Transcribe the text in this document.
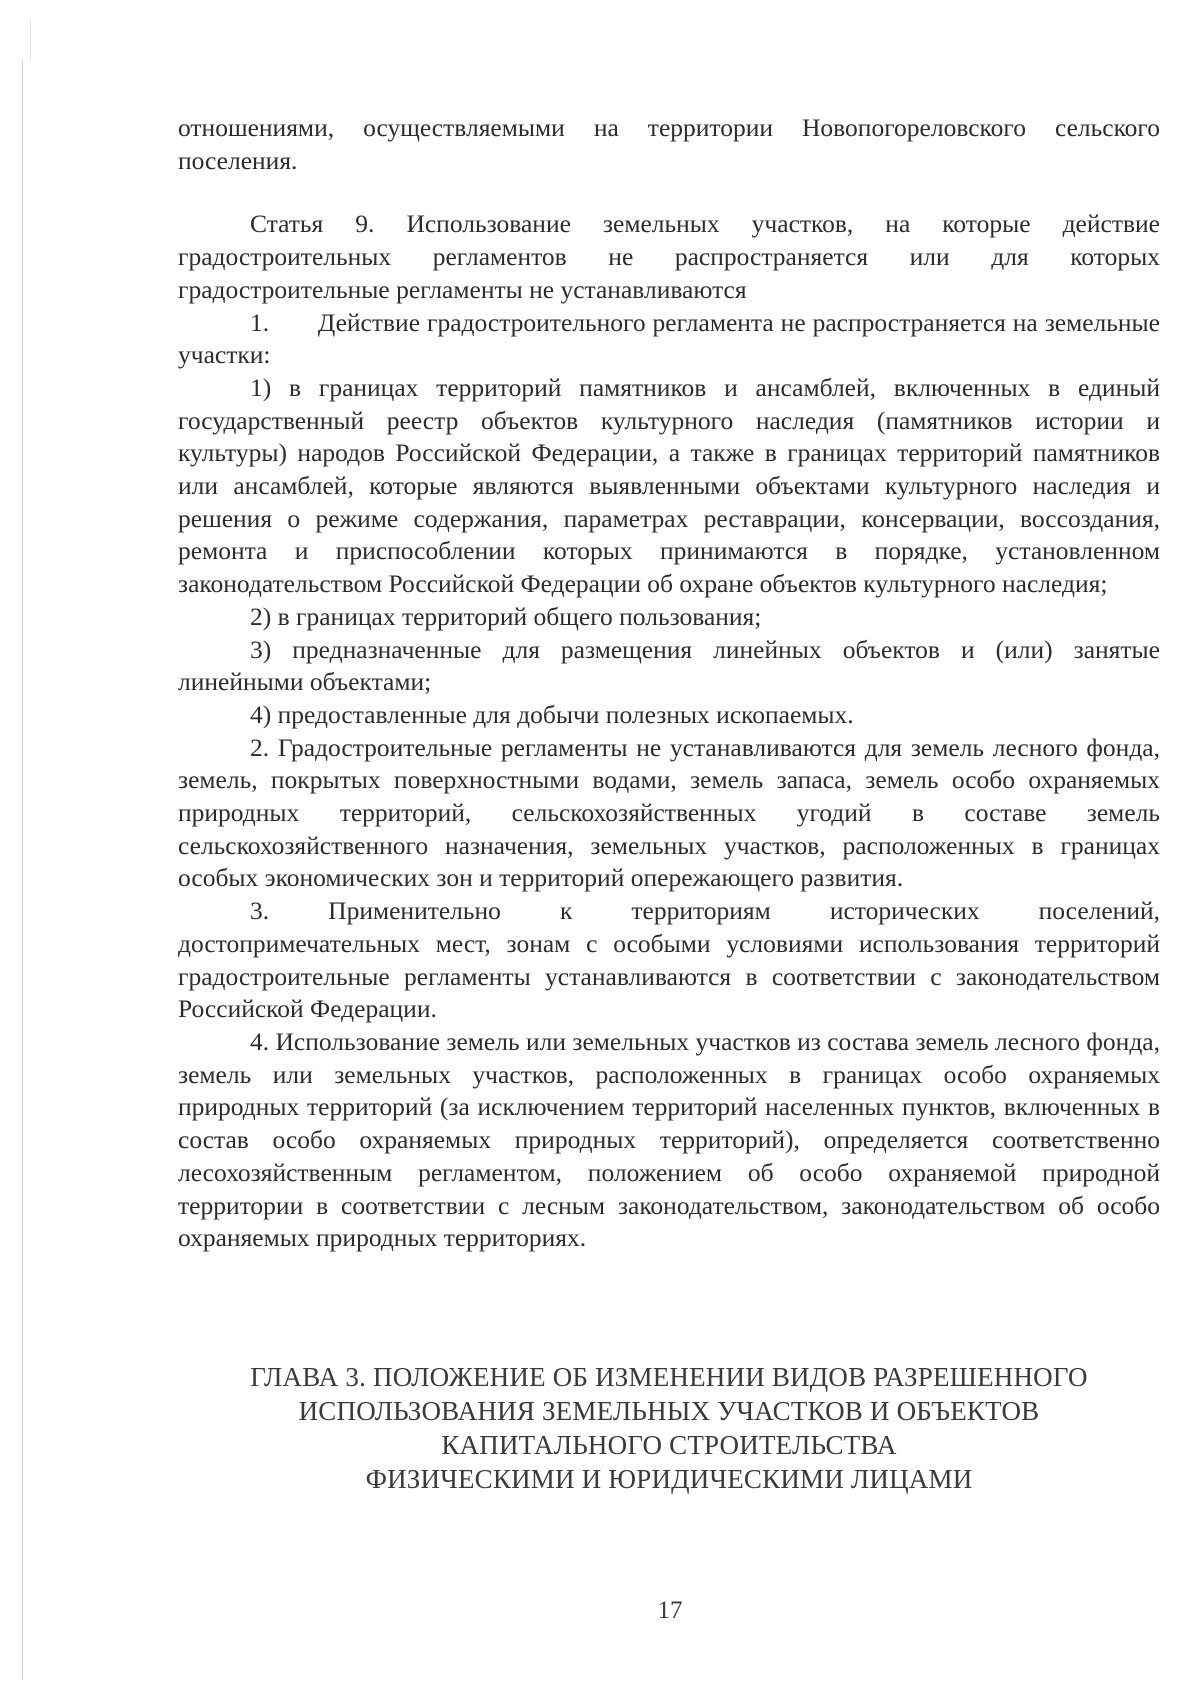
отношениями, осуществляемыми на территории Новопогореловского сельского поселения.

Статья 9. Использование земельных участков, на которые действие градостроительных регламентов не распространяется или для которых градостроительные регламенты не устанавливаются

1.       Действие градостроительного регламента не распространяется на земельные участки:

1) в границах территорий памятников и ансамблей, включенных в единый государственный реестр объектов культурного наследия (памятников истории и культуры) народов Российской Федерации, а также в границах территорий памятников или ансамблей, которые являются выявленными объектами культурного наследия и решения о режиме содержания, параметрах реставрации, консервации, воссоздания, ремонта и приспособлении которых принимаются в порядке, установленном законодательством Российской Федерации об охране объектов культурного наследия;

2) в границах территорий общего пользования;

3) предназначенные для размещения линейных объектов и (или) занятые линейными объектами;

4) предоставленные для добычи полезных ископаемых.

2. Градостроительные регламенты не устанавливаются для земель лесного фонда, земель, покрытых поверхностными водами, земель запаса, земель особо охраняемых природных территорий, сельскохозяйственных угодий в составе земель сельскохозяйственного назначения, земельных участков, расположенных в границах особых экономических зон и территорий опережающего развития.

3.       Применительно       к       территориям       исторических       поселений, достопримечательных мест, зонам с особыми условиями использования территорий градостроительные регламенты устанавливаются в соответствии с законодательством Российской Федерации.

4. Использование земель или земельных участков из состава земель лесного фонда, земель или земельных участков, расположенных в границах особо охраняемых природных территорий (за исключением территорий населенных пунктов, включенных в состав особо охраняемых природных территорий), определяется соответственно лесохозяйственным регламентом, положением об особо охраняемой природной территории в соответствии с лесным законодательством, законодательством об особо охраняемых природных территориях.

ГЛАВА 3. ПОЛОЖЕНИЕ ОБ ИЗМЕНЕНИИ ВИДОВ РАЗРЕШЕННОГО
ИСПОЛЬЗОВАНИЯ ЗЕМЕЛЬНЫХ УЧАСТКОВ И ОБЪЕКТОВ
КАПИТАЛЬНОГО СТРОИТЕЛЬСТВА
ФИЗИЧЕСКИМИ И ЮРИДИЧЕСКИМИ ЛИЦАМИ
17
